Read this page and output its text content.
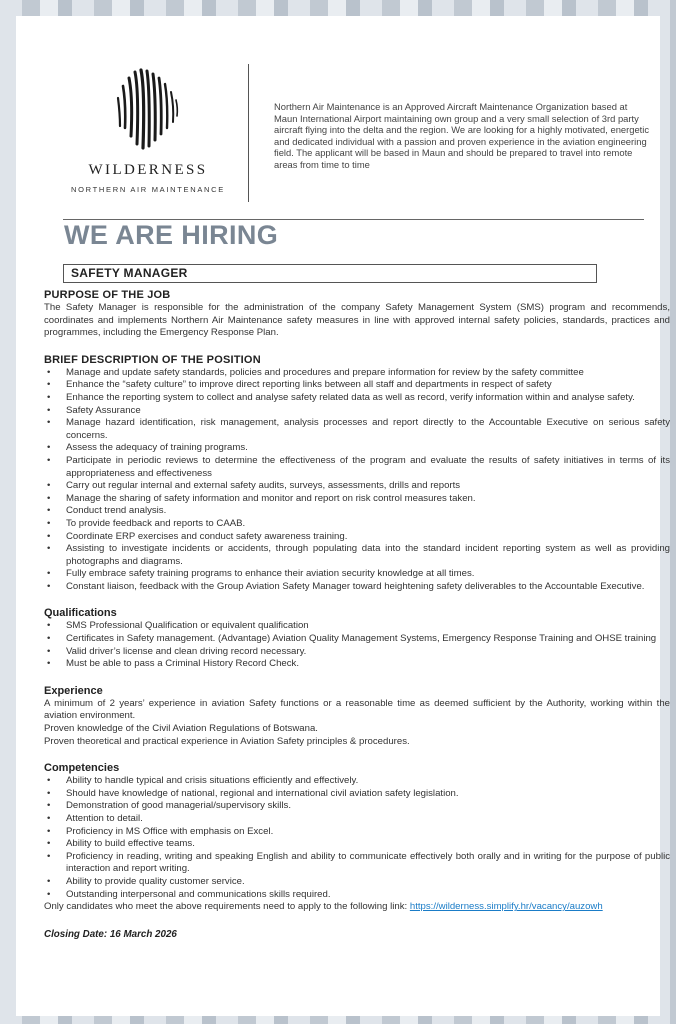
WILDERNESS
NORTHERN AIR MAINTENANCE
Northern Air Maintenance is an Approved Aircraft Maintenance Organization based at Maun International Airport maintaining own group and a very small selection of 3rd party aircraft flying into the delta and the region. We are looking for a highly motivated, energetic and dedicated individual with a passion and proven experience in the aviation engineering field. The applicant will be based in Maun and should be prepared to travel into remote areas from time to time
WE ARE HIRING
SAFETY MANAGER
PURPOSE OF THE JOB

The Safety Manager is responsible for the administration of the company Safety Management System (SMS) program and recommends, coordinates and implements Northern Air Maintenance safety measures in line with approved internal safety policies, standards, practices and programmes, including the Emergency Response Plan.

BRIEF DESCRIPTION OF THE POSITION
• Manage and update safety standards, policies and procedures and prepare information for review by the safety committee
• Enhance the “safety culture” to improve direct reporting links between all staff and departments in respect of safety
• Enhance the reporting system to collect and analyse safety related data as well as record, verify information within and analyse safety.
• Safety Assurance
• Manage hazard identification, risk management, analysis processes and report directly to the Accountable Executive on serious safety concerns.
• Assess the adequacy of training programs.
• Participate in periodic reviews to determine the effectiveness of the program and evaluate the results of safety initiatives in terms of its appropriateness and effectiveness
• Carry out regular internal and external safety audits, surveys, assessments, drills and reports
• Manage the sharing of safety information and monitor and report on risk control measures taken.
• Conduct trend analysis.
• To provide feedback and reports to CAAB.
• Coordinate ERP exercises and conduct safety awareness training.
• Assisting to investigate incidents or accidents, through populating data into the standard incident reporting system as well as providing photographs and diagrams.
• Fully embrace safety training programs to enhance their aviation security knowledge at all times.
• Constant liaison, feedback with the Group Aviation Safety Manager toward heightening safety deliverables to the Accountable Executive.
Qualifications
• SMS Professional Qualification or equivalent qualification
• Certificates in Safety management. (Advantage) Aviation Quality Management Systems, Emergency Response Training and OHSE training
• Valid driver’s license and clean driving record necessary.
• Must be able to pass a Criminal History Record Check.
Experience

A minimum of 2 years’ experience in aviation Safety functions or a reasonable time as deemed sufficient by the Authority, working within the aviation environment.

Proven knowledge of the Civil Aviation Regulations of Botswana.

Proven theoretical and practical experience in Aviation Safety principles & procedures.

Competencies
• Ability to handle typical and crisis situations efficiently and effectively.
• Should have knowledge of national, regional and international civil aviation safety legislation.
• Demonstration of good managerial/supervisory skills.
• Attention to detail.
• Proficiency in MS Office with emphasis on Excel.
• Ability to build effective teams.
• Proficiency in reading, writing and speaking English and ability to communicate effectively both orally and in writing for the purpose of public interaction and report writing.
• Ability to provide quality customer service.
• Outstanding interpersonal and communications skills required.

Only candidates who meet the above requirements need to apply to the following link: https://wilderness.simplify.hr/vacancy/auzowh

Closing Date: 16 March 2026
